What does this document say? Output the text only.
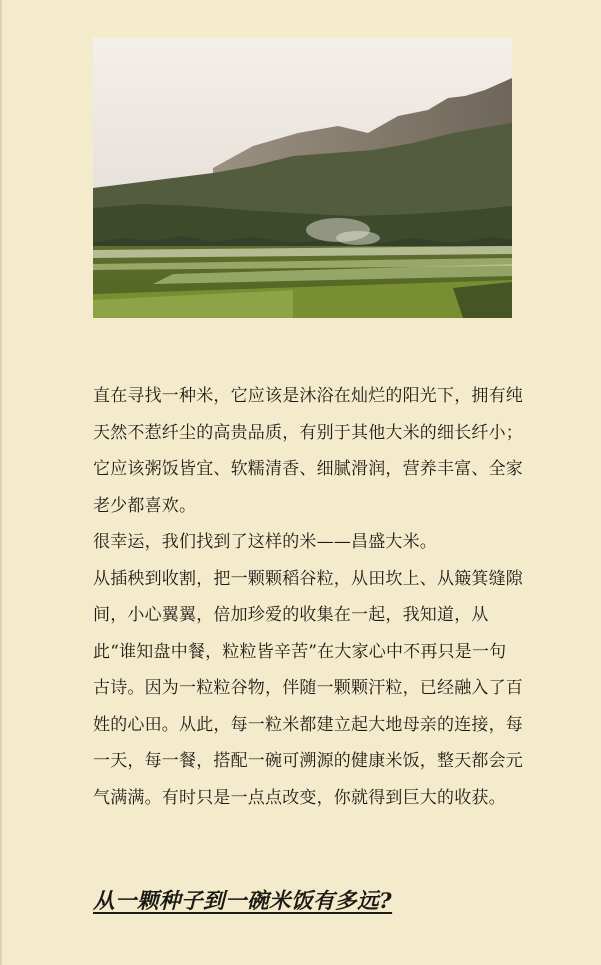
直在寻找一种米，它应该是沐浴在灿烂的阳光下，拥有纯天然不惹纤尘的高贵品质，有别于其他大米的细长纤小；它应该粥饭皆宜、软糯清香、细腻滑润，营养丰富、全家老少都喜欢。

很幸运，我们找到了这样的米——昌盛大米。

从插秧到收割，把一颗颗稻谷粒，从田坎上、从簸箕缝隙间，小心翼翼，倍加珍爱的收集在一起，我知道，从此“谁知盘中餐，粒粒皆辛苦”在大家心中不再只是一句古诗。因为一粒粒谷物，伴随一颗颗汗粒，已经融入了百姓的心田。从此，每一粒米都建立起大地母亲的连接，每一天，每一餐，搭配一碗可溯源的健康米饭，整天都会元气满满。有时只是一点点改变，你就得到巨大的收获。

从一颗种子到一碗米饭有多远?
